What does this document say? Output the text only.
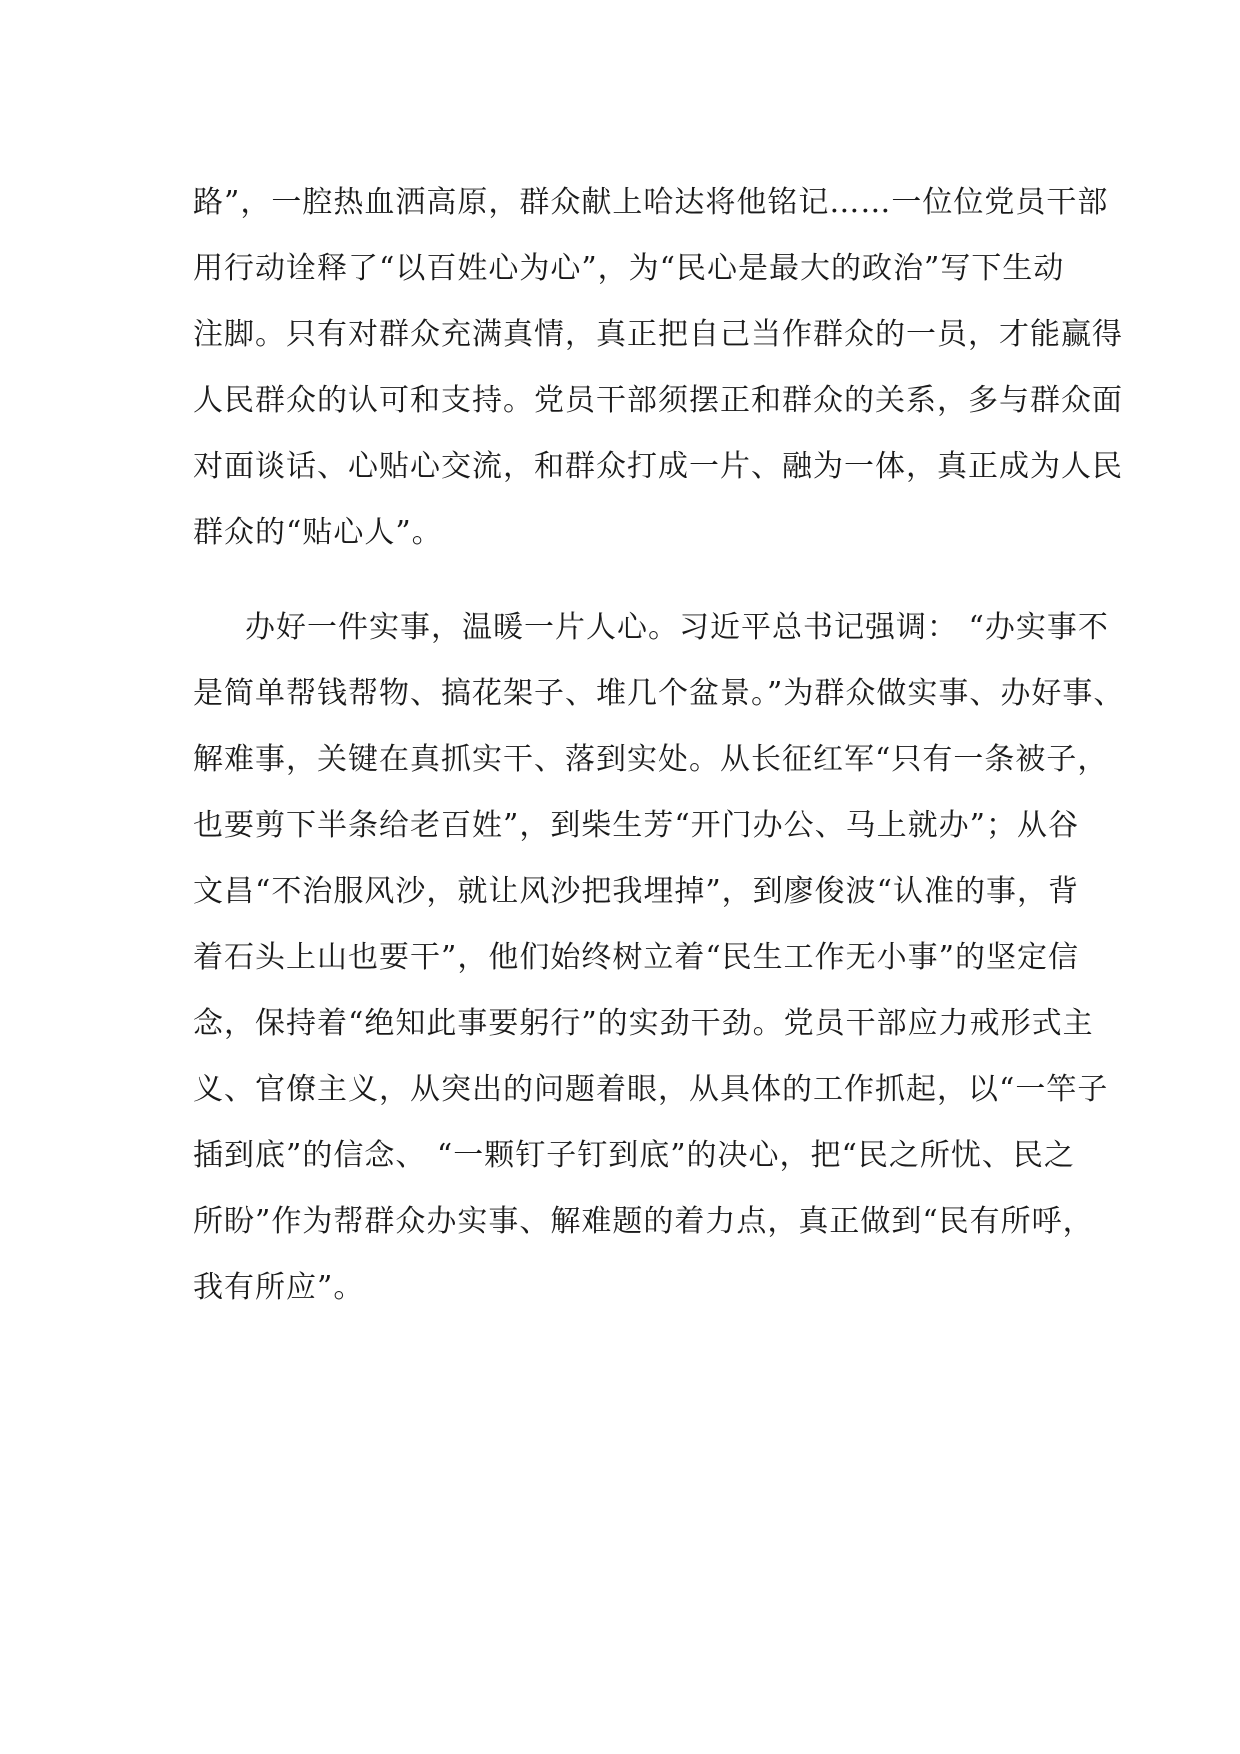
路”，一腔热血洒高原，群众献上哈达将他铭记……一位位党员干部
用行动诠释了“以百姓心为心”，为“民心是最大的政治”写下生动
注脚。只有对群众充满真情，真正把自己当作群众的一员，才能赢得
人民群众的认可和支持。党员干部须摆正和群众的关系，多与群众面
对面谈话、心贴心交流，和群众打成一片、融为一体，真正成为人民
群众的“贴心人”。
办好一件实事，温暖一片人心。习近平总书记强调： “办实事不
是简单帮钱帮物、搞花架子、堆几个盆景。”为群众做实事、办好事、
解难事，关键在真抓实干、落到实处。从长征红军“只有一条被子，
也要剪下半条给老百姓”，到柴生芳“开门办公、马上就办”；从谷
文昌“不治服风沙，就让风沙把我埋掉”，到廖俊波“认准的事，背
着石头上山也要干”，他们始终树立着“民生工作无小事”的坚定信
念，保持着“绝知此事要躬行”的实劲干劲。党员干部应力戒形式主
义、官僚主义，从突出的问题着眼，从具体的工作抓起，以“一竿子
插到底”的信念、 “一颗钉子钉到底”的决心，把“民之所忧、民之
所盼”作为帮群众办实事、解难题的着力点，真正做到“民有所呼，
我有所应”。
